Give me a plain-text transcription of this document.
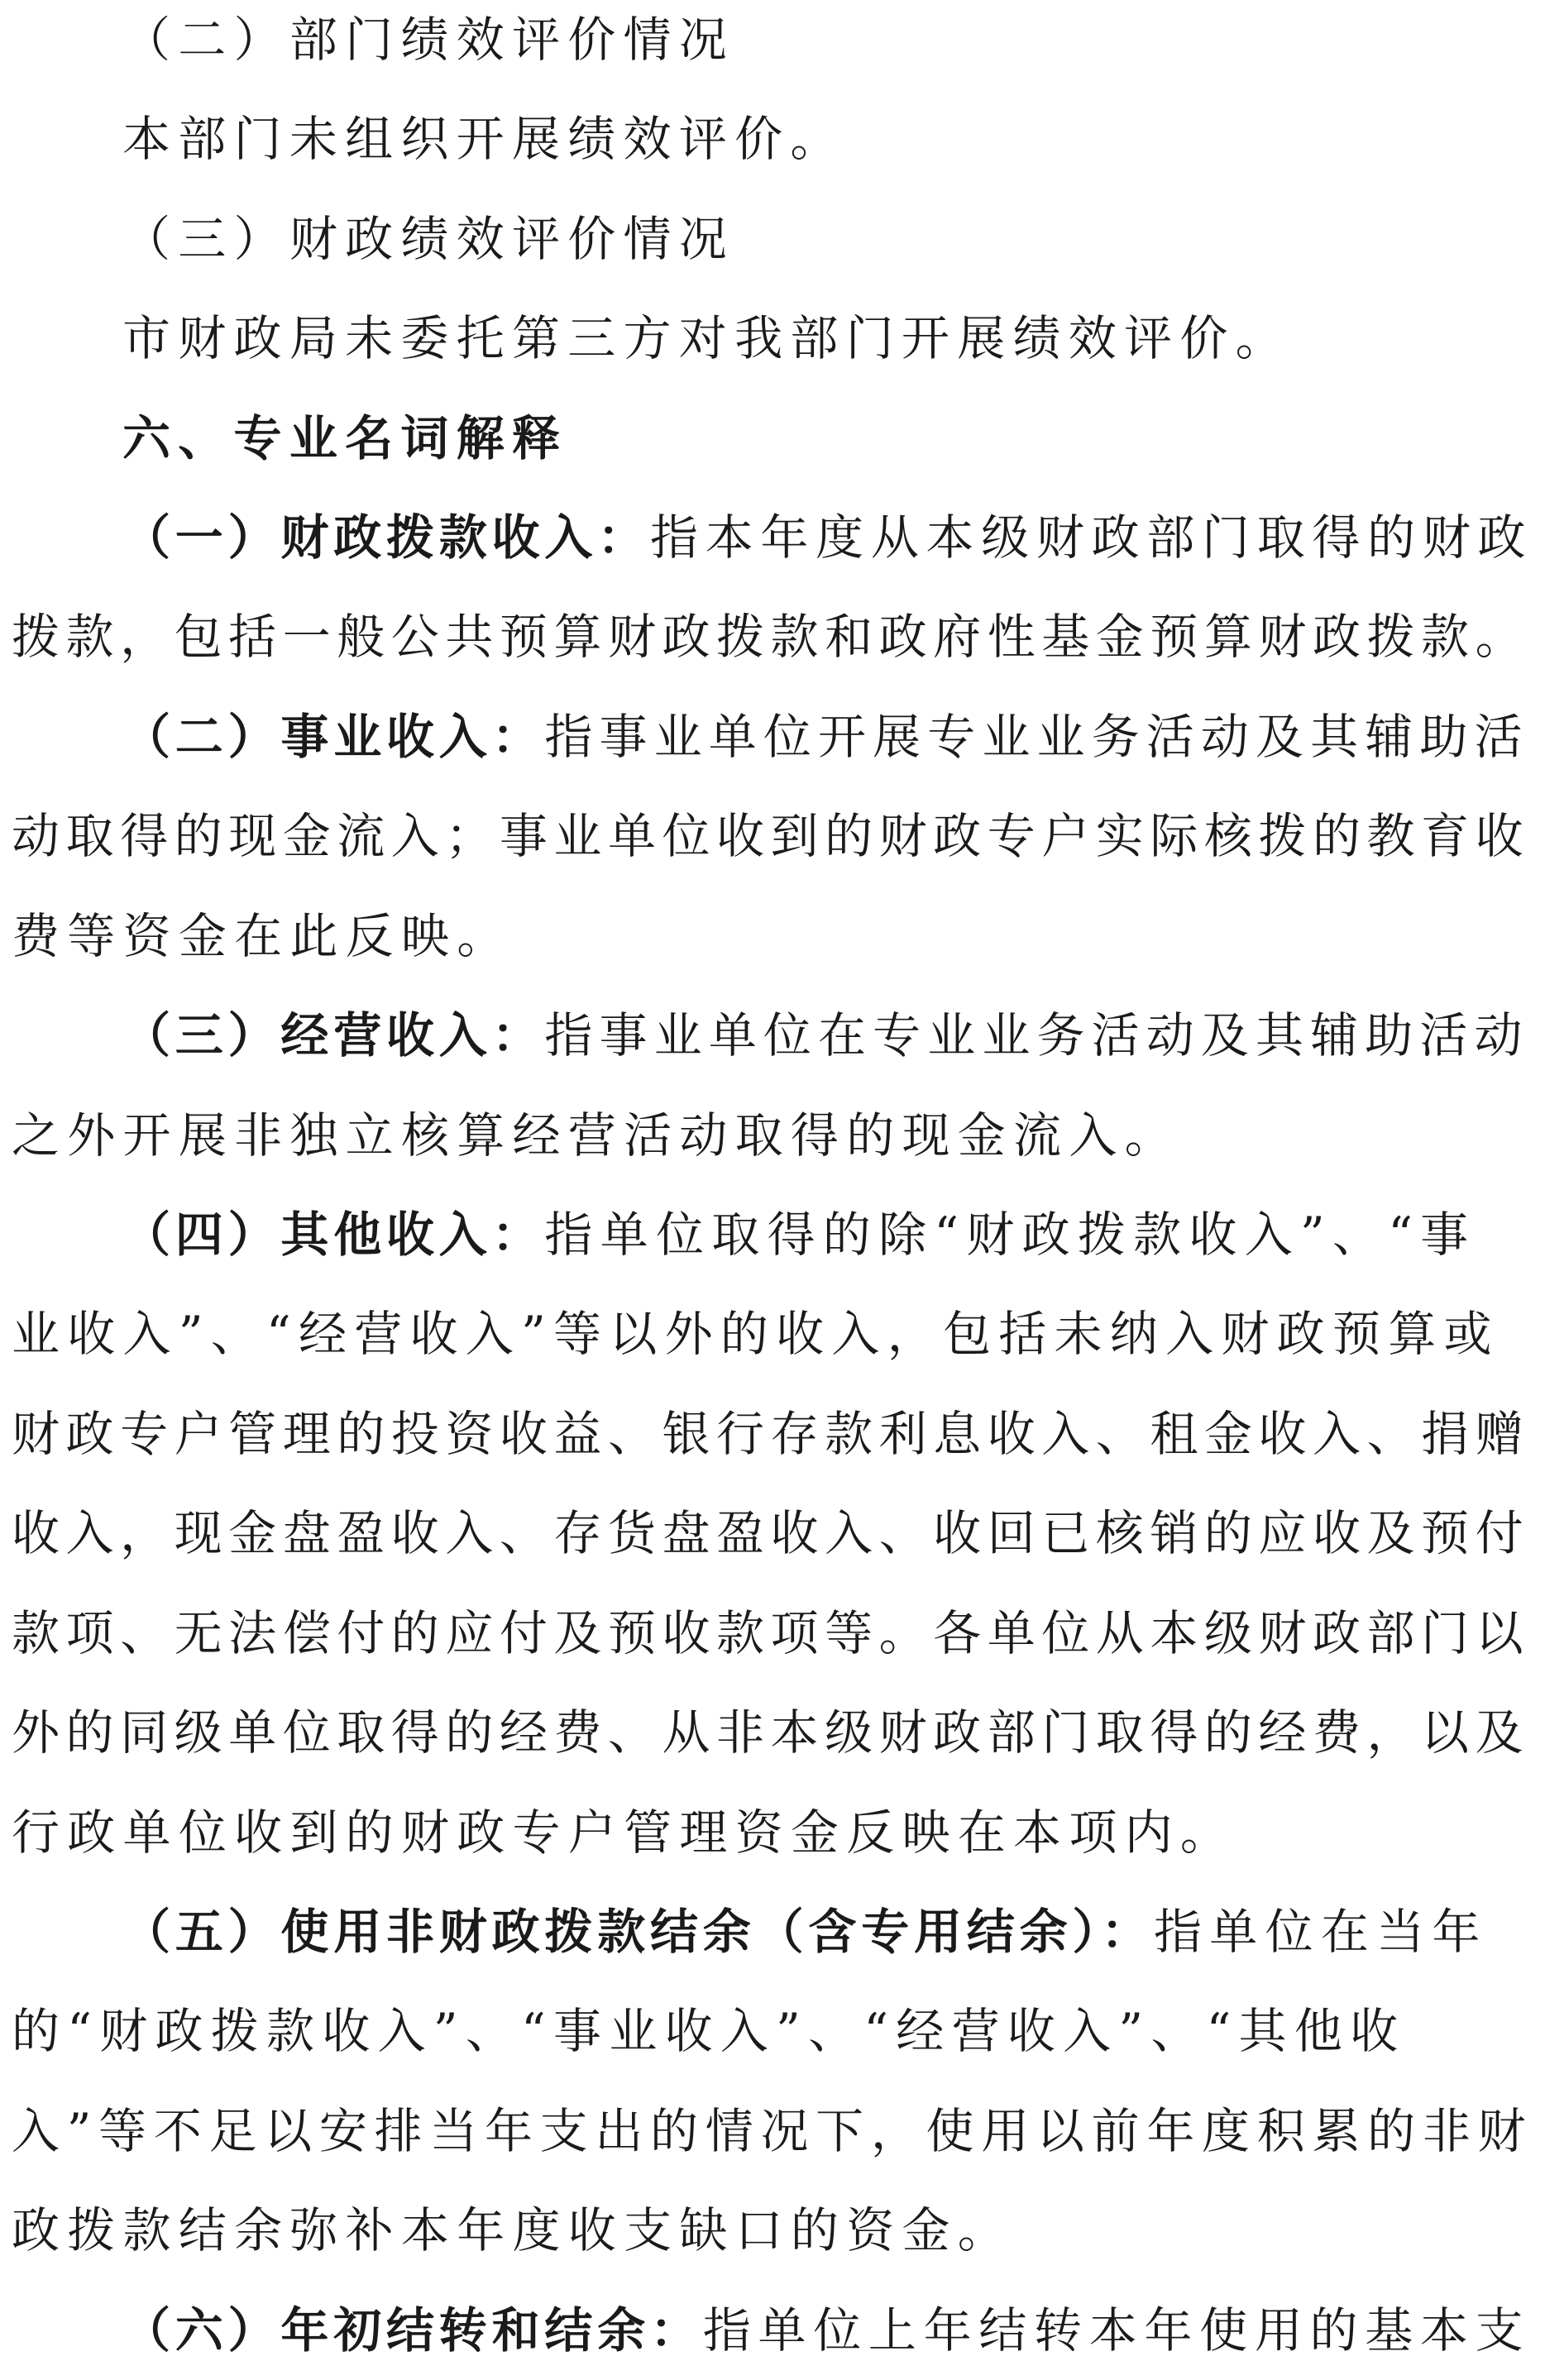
（二）部门绩效评价情况
本部门未组织开展绩效评价。
（三）财政绩效评价情况
市财政局未委托第三方对我部门开展绩效评价。
六、专业名词解释
（一）财政拨款收入：指本年度从本级财政部门取得的财政
拨款，包括一般公共预算财政拨款和政府性基金预算财政拨款。
（二）事业收入：指事业单位开展专业业务活动及其辅助活
动取得的现金流入；事业单位收到的财政专户实际核拨的教育收
费等资金在此反映。
（三）经营收入：指事业单位在专业业务活动及其辅助活动
之外开展非独立核算经营活动取得的现金流入。
（四）其他收入：指单位取得的除“财政拨款收入”、“事
业收入”、“经营收入”等以外的收入，包括未纳入财政预算或
财政专户管理的投资收益、银行存款利息收入、租金收入、捐赠
收入，现金盘盈收入、存货盘盈收入、收回已核销的应收及预付
款项、无法偿付的应付及预收款项等。各单位从本级财政部门以
外的同级单位取得的经费、从非本级财政部门取得的经费，以及
行政单位收到的财政专户管理资金反映在本项内。
（五）使用非财政拨款结余（含专用结余）：指单位在当年
的“财政拨款收入”、“事业收入”、“经营收入”、“其他收
入”等不足以安排当年支出的情况下，使用以前年度积累的非财
政拨款结余弥补本年度收支缺口的资金。
（六）年初结转和结余：指单位上年结转本年使用的基本支
